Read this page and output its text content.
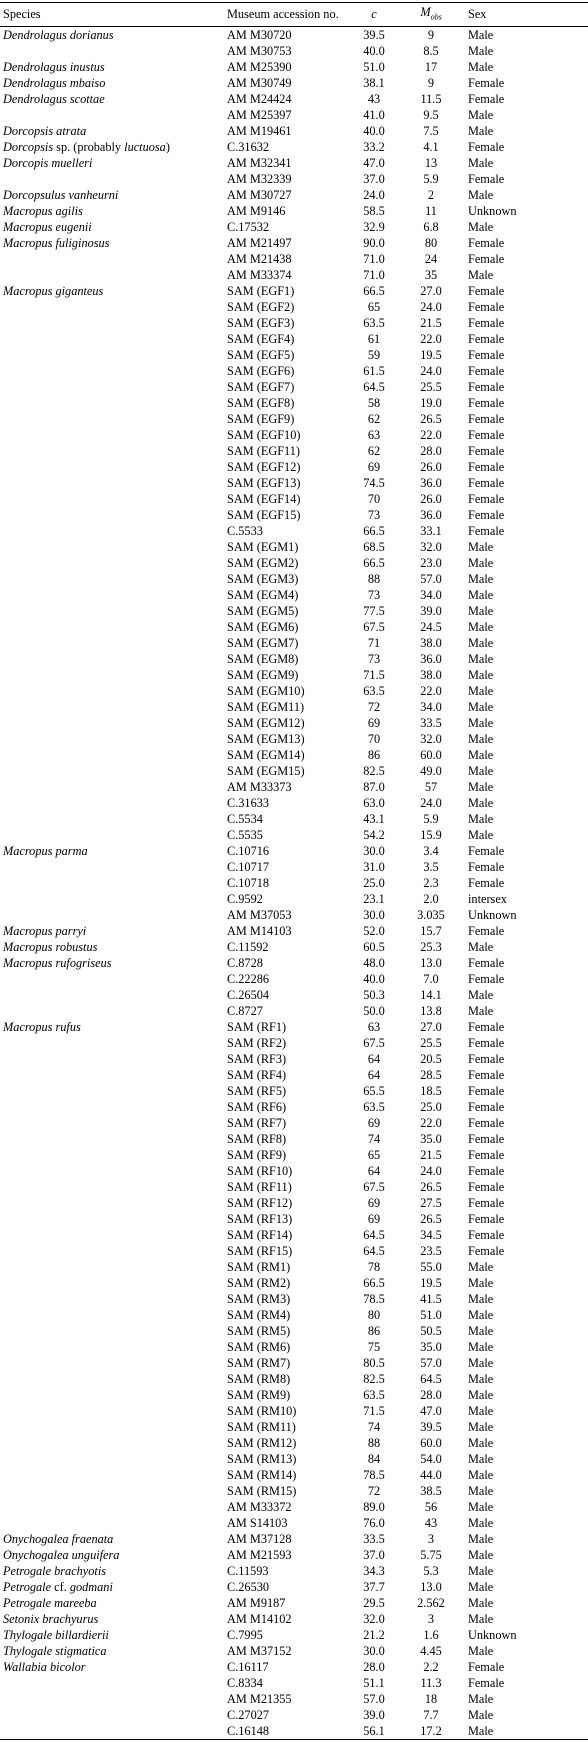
Species	Museum accession no.	c	$M_{obs}$	Sex
Dendrolagus dorianus	AM M30720	39.5	9	Male
	AM M30753	40.0	8.5	Male
Dendrolagus inustus	AM M25390	51.0	17	Male
Dendrolagus mbaiso	AM M30749	38.1	9	Female
Dendrolagus scottae	AM M24424	43	11.5	Female
	AM M25397	41.0	9.5	Male
Dorcopsis atrata	AM M19461	40.0	7.5	Male
Dorcopsis sp. (probably luctuosa)	C.31632	33.2	4.1	Female
Dorcopis muelleri	AM M32341	47.0	13	Male
	AM M32339	37.0	5.9	Female
Dorcopsulus vanheurni	AM M30727	24.0	2	Male
Macropus agilis	AM M9146	58.5	11	Unknown
Macropus eugenii	C.17532	32.9	6.8	Male
Macropus fuliginosus	AM M21497	90.0	80	Female
	AM M21438	71.0	24	Female
	AM M33374	71.0	35	Male
Macropus giganteus	SAM (EGF1)	66.5	27.0	Female
	SAM (EGF2)	65	24.0	Female
	SAM (EGF3)	63.5	21.5	Female
	SAM (EGF4)	61	22.0	Female
	SAM (EGF5)	59	19.5	Female
	SAM (EGF6)	61.5	24.0	Female
	SAM (EGF7)	64.5	25.5	Female
	SAM (EGF8)	58	19.0	Female
	SAM (EGF9)	62	26.5	Female
	SAM (EGF10)	63	22.0	Female
	SAM (EGF11)	62	28.0	Female
	SAM (EGF12)	69	26.0	Female
	SAM (EGF13)	74.5	36.0	Female
	SAM (EGF14)	70	26.0	Female
	SAM (EGF15)	73	36.0	Female
	C.5533	66.5	33.1	Female
	SAM (EGM1)	68.5	32.0	Male
	SAM (EGM2)	66.5	23.0	Male
	SAM (EGM3)	88	57.0	Male
	SAM (EGM4)	73	34.0	Male
	SAM (EGM5)	77.5	39.0	Male
	SAM (EGM6)	67.5	24.5	Male
	SAM (EGM7)	71	38.0	Male
	SAM (EGM8)	73	36.0	Male
	SAM (EGM9)	71.5	38.0	Male
	SAM (EGM10)	63.5	22.0	Male
	SAM (EGM11)	72	34.0	Male
	SAM (EGM12)	69	33.5	Male
	SAM (EGM13)	70	32.0	Male
	SAM (EGM14)	86	60.0	Male
	SAM (EGM15)	82.5	49.0	Male
	AM M33373	87.0	57	Male
	C.31633	63.0	24.0	Male
	C.5534	43.1	5.9	Male
	C.5535	54.2	15.9	Male
Macropus parma	C.10716	30.0	3.4	Female
	C.10717	31.0	3.5	Female
	C.10718	25.0	2.3	Female
	C.9592	23.1	2.0	intersex
	AM M37053	30.0	3.035	Unknown
Macropus parryi	AM M14103	52.0	15.7	Female
Macropus robustus	C.11592	60.5	25.3	Male
Macropus rufogriseus	C.8728	48.0	13.0	Female
	C.22286	40.0	7.0	Female
	C.26504	50.3	14.1	Male
	C.8727	50.0	13.8	Male
Macropus rufus	SAM (RF1)	63	27.0	Female
	SAM (RF2)	67.5	25.5	Female
	SAM (RF3)	64	20.5	Female
	SAM (RF4)	64	28.5	Female
	SAM (RF5)	65.5	18.5	Female
	SAM (RF6)	63.5	25.0	Female
	SAM (RF7)	69	22.0	Female
	SAM (RF8)	74	35.0	Female
	SAM (RF9)	65	21.5	Female
	SAM (RF10)	64	24.0	Female
	SAM (RF11)	67.5	26.5	Female
	SAM (RF12)	69	27.5	Female
	SAM (RF13)	69	26.5	Female
	SAM (RF14)	64.5	34.5	Female
	SAM (RF15)	64.5	23.5	Female
	SAM (RM1)	78	55.0	Male
	SAM (RM2)	66.5	19.5	Male
	SAM (RM3)	78.5	41.5	Male
	SAM (RM4)	80	51.0	Male
	SAM (RM5)	86	50.5	Male
	SAM (RM6)	75	35.0	Male
	SAM (RM7)	80.5	57.0	Male
	SAM (RM8)	82.5	64.5	Male
	SAM (RM9)	63.5	28.0	Male
	SAM (RM10)	71.5	47.0	Male
	SAM (RM11)	74	39.5	Male
	SAM (RM12)	88	60.0	Male
	SAM (RM13)	84	54.0	Male
	SAM (RM14)	78.5	44.0	Male
	SAM (RM15)	72	38.5	Male
	AM M33372	89.0	56	Male
	AM S14103	76.0	43	Male
Onychogalea fraenata	AM M37128	33.5	3	Male
Onychogalea unguifera	AM M21593	37.0	5.75	Male
Petrogale brachyotis	C.11593	34.3	5.3	Male
Petrogale cf. godmani	C.26530	37.7	13.0	Male
Petrogale mareeba	AM M9187	29.5	2.562	Male
Setonix brachyurus	AM M14102	32.0	3	Male
Thylogale billardierii	C.7995	21.2	1.6	Unknown
Thylogale stigmatica	AM M37152	30.0	4.45	Male
Wallabia bicolor	C.16117	28.0	2.2	Female
	C.8334	51.1	11.3	Female
	AM M21355	57.0	18	Male
	C.27027	39.0	7.7	Male
	C.16148	56.1	17.2	Male
